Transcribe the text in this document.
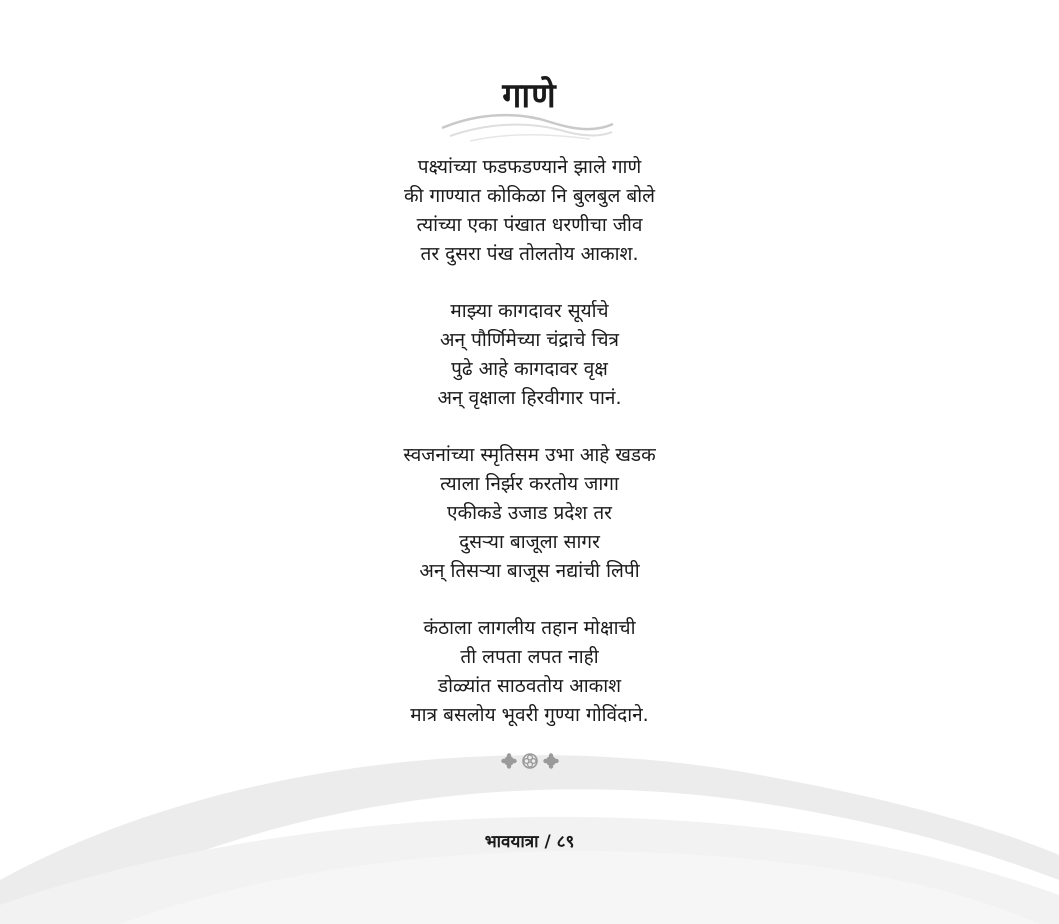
गाणे
पक्ष्यांच्या फडफडण्याने झाले गाणे
की गाण्यात कोकिळा नि बुलबुल बोले
त्यांच्या एका पंखात धरणीचा जीव
तर दुसरा पंख तोलतोय आकाश.
माझ्या कागदावर सूर्याचे
अन् पौर्णिमेच्या चंद्राचे चित्र
पुढे आहे कागदावर वृक्ष
अन् वृक्षाला हिरवीगार पानं.
स्वजनांच्या स्मृतिसम उभा आहे खडक
त्याला निर्झर करतोय जागा
एकीकडे उजाड प्रदेश तर
दुसऱ्या बाजूला सागर
अन् तिसऱ्या बाजूस नद्यांची लिपी
कंठाला लागलीय तहान मोक्षाची
ती लपता लपत नाही
डोळ्यांत साठवतोय आकाश
मात्र बसलोय भूवरी गुण्या गोविंदाने.
भावयात्रा / ८९
